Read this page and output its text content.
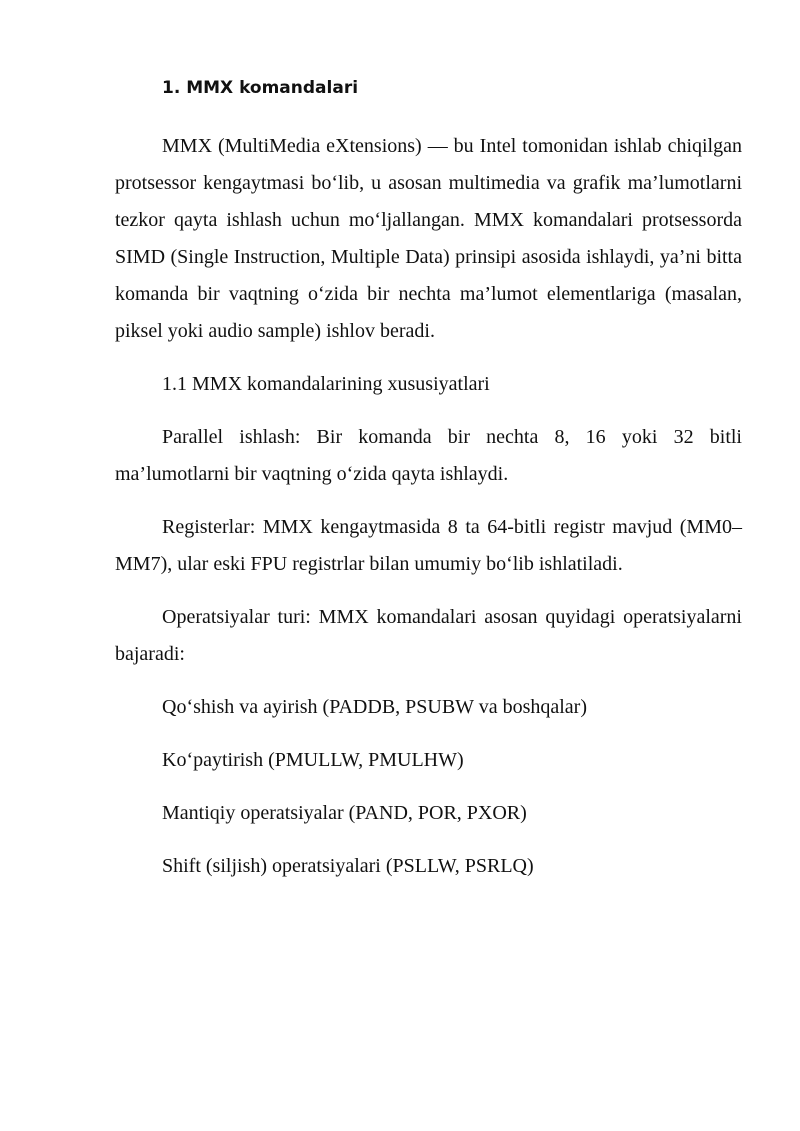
1. MMX komandalari

MMX (MultiMedia eXtensions) — bu Intel tomonidan ishlab chiqilgan protsessor kengaytmasi bo‘lib, u asosan multimedia va grafik ma’lumotlarni tezkor qayta ishlash uchun mo‘ljallangan. MMX komandalari protsessorda SIMD (Single Instruction, Multiple Data) prinsipi asosida ishlaydi, ya’ni bitta komanda bir vaqtning o‘zida bir nechta ma’lumot elementlariga (masalan, piksel yoki audio sample) ishlov beradi.

1.1 MMX komandalarining xususiyatlari

Parallel ishlash: Bir komanda bir nechta 8, 16 yoki 32 bitli ma’lumotlarni bir vaqtning o‘zida qayta ishlaydi.

Registerlar: MMX kengaytmasida 8 ta 64-bitli registr mavjud (MM0–MM7), ular eski FPU registrlar bilan umumiy bo‘lib ishlatiladi.

Operatsiyalar turi: MMX komandalari asosan quyidagi operatsiyalarni bajaradi:

Qo‘shish va ayirish (PADDB, PSUBW va boshqalar)

Ko‘paytirish (PMULLW, PMULHW)

Mantiqiy operatsiyalar (PAND, POR, PXOR)

Shift (siljish) operatsiyalari (PSLLW, PSRLQ)
